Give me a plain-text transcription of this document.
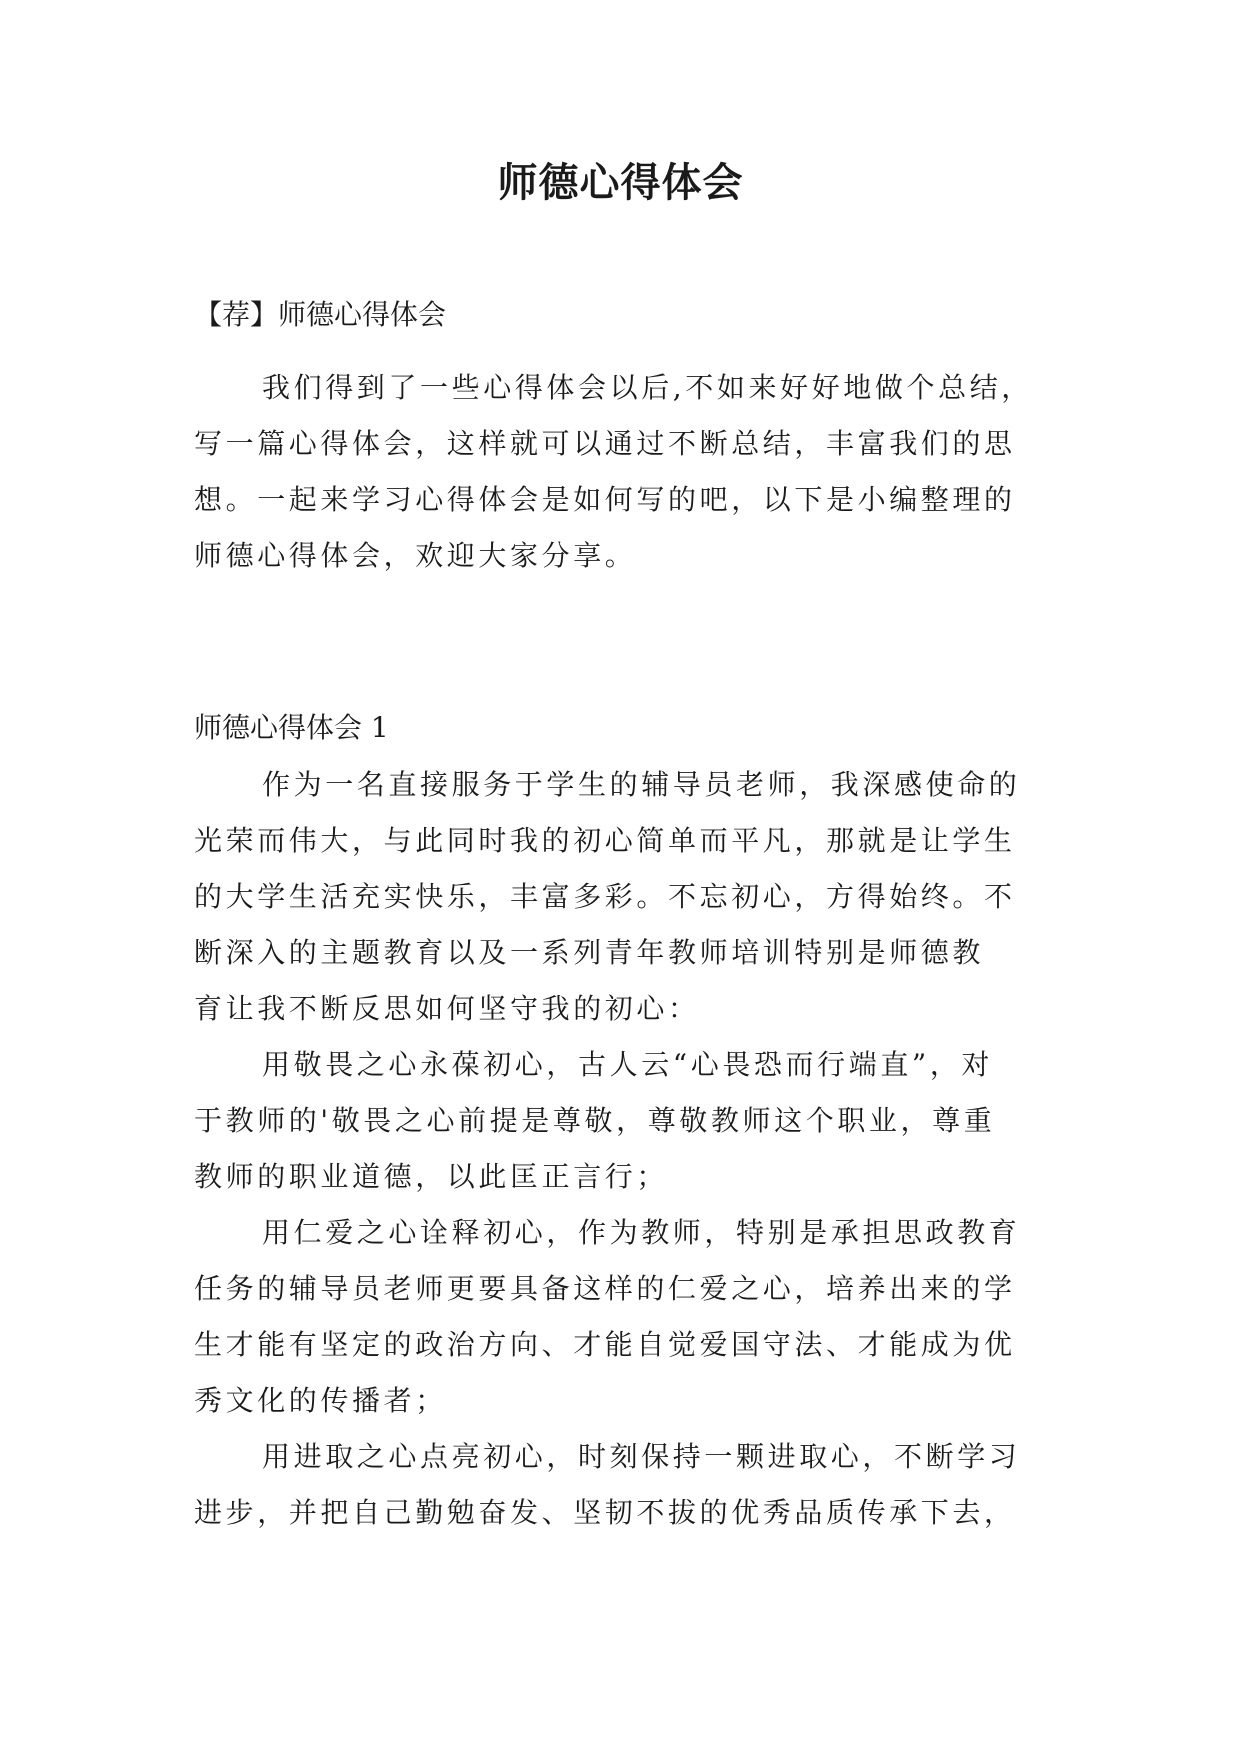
师德心得体会

【荐】师德心得体会

我们得到了一些心得体会以后,不如来好好地做个总结，

写一篇心得体会，这样就可以通过不断总结，丰富我们的思

想。一起来学习心得体会是如何写的吧，以下是小编整理的

师德心得体会，欢迎大家分享。

师德心得体会 1

作为一名直接服务于学生的辅导员老师，我深感使命的

光荣而伟大，与此同时我的初心简单而平凡，那就是让学生

的大学生活充实快乐，丰富多彩。不忘初心，方得始终。不

断深入的主题教育以及一系列青年教师培训特别是师德教

育让我不断反思如何坚守我的初心：

用敬畏之心永葆初心，古人云“心畏恐而行端直”，对

于教师的'敬畏之心前提是尊敬，尊敬教师这个职业，尊重

教师的职业道德，以此匡正言行；

用仁爱之心诠释初心，作为教师，特别是承担思政教育

任务的辅导员老师更要具备这样的仁爱之心，培养出来的学

生才能有坚定的政治方向、才能自觉爱国守法、才能成为优

秀文化的传播者；

用进取之心点亮初心，时刻保持一颗进取心，不断学习

进步，并把自己勤勉奋发、坚韧不拔的优秀品质传承下去，
